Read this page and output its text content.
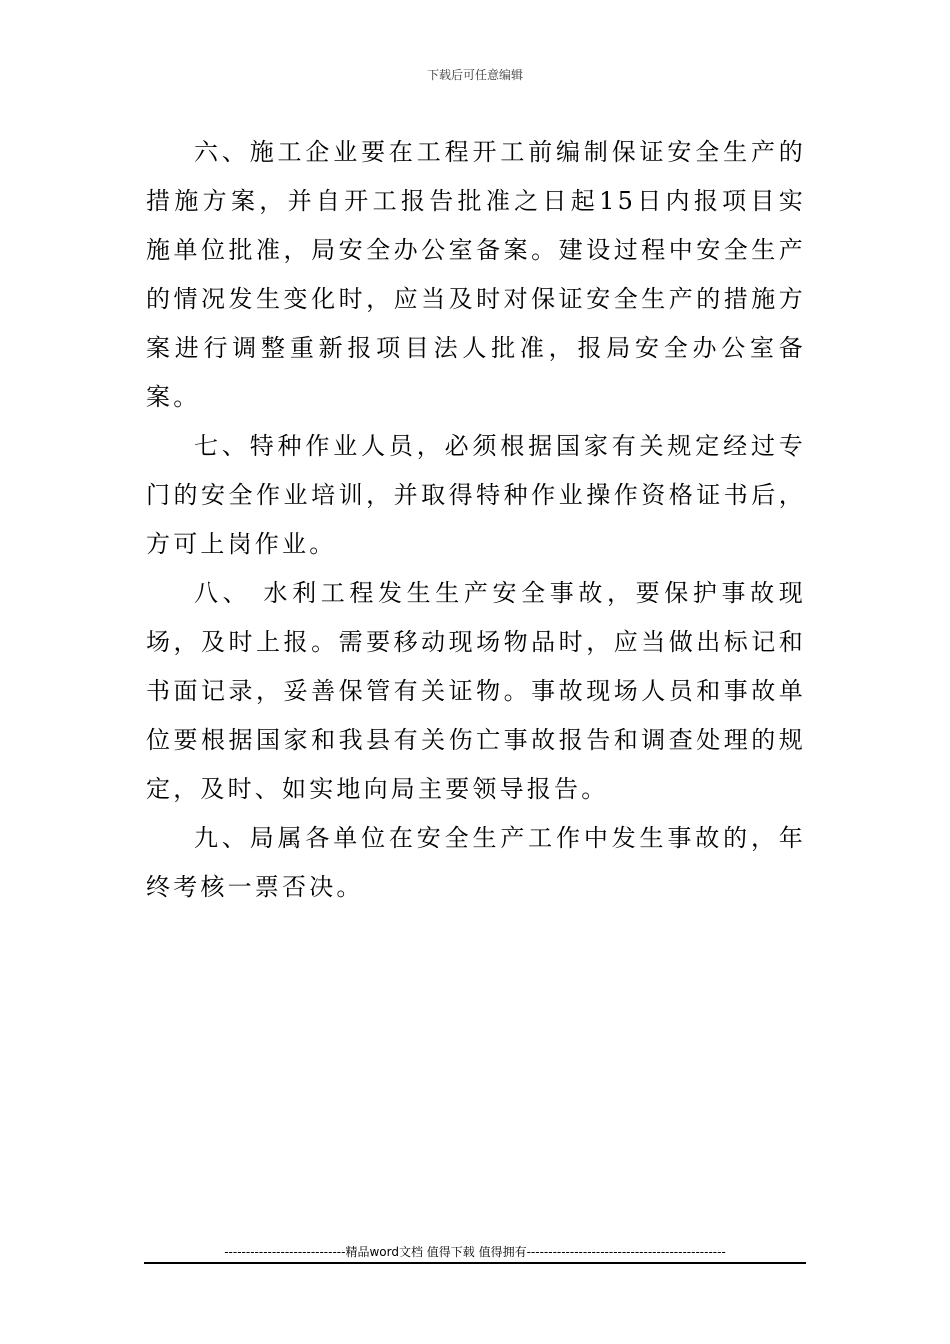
下载后可任意编辑

六、施工企业要在工程开工前编制保证安全生产的措施方案，并自开工报告批准之日起15日内报项目实施单位批准，局安全办公室备案。建设过程中安全生产的情况发生变化时，应当及时对保证安全生产的措施方案进行调整重新报项目法人批准，报局安全办公室备案。

七、特种作业人员，必须根据国家有关规定经过专门的安全作业培训，并取得特种作业操作资格证书后，方可上岗作业。

八、 水利工程发生生产安全事故，要保护事故现场，及时上报。需要移动现场物品时，应当做出标记和书面记录，妥善保管有关证物。事故现场人员和事故单位要根据国家和我县有关伤亡事故报告和调查处理的规定，及时、如实地向局主要领导报告。

九、局属各单位在安全生产工作中发生事故的，年终考核一票否决。

----------------------------精品word文档 值得下载 值得拥有----------------------------------------------
